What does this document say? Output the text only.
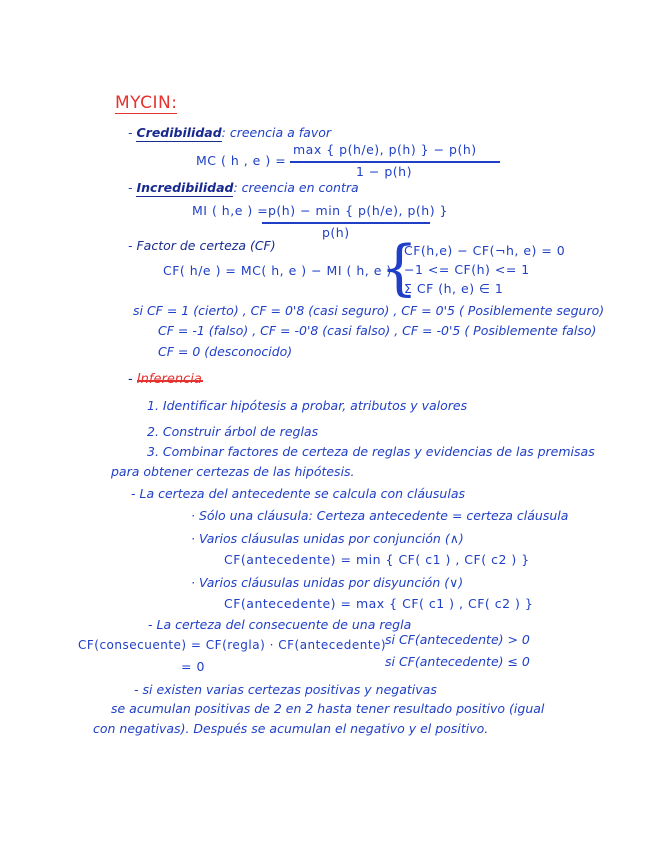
MYCIN:
- Credibilidad: creencia a favor
MC ( h , e ) =
max { p(h/e), p(h) } − p(h)
1 − p(h)
- Incredibilidad: creencia en contra
MI ( h,e ) = p(h) − min { p(h/e), p(h) }
p(h)
- Factor de certeza (CF)
CF( h/e ) = MC( h, e ) − MI ( h, e )
{
CF(h,e) − CF(¬h, e) = 0
−1 <= CF(h) <= 1
Σ CF (h, e) ∈ 1
si CF = 1 (cierto) , CF = 0'8 (casi seguro) , CF = 0'5 ( Posiblemente seguro)
CF = -1 (falso) , CF = -0'8 (casi falso) , CF = -0'5 ( Posiblemente falso)
CF = 0 (desconocido)
-
1. Identificar hipótesis a probar, atributos y valores
2. Construir árbol de reglas
3. Combinar factores de certeza de reglas y evidencias de las premisas
para obtener certezas de las hipótesis.
- La certeza del antecedente se calcula con cláusulas
· Sólo una cláusula: Certeza antecedente = certeza cláusula
· Varios cláusulas unidas por conjunción (∧)
CF(antecedente) = min { CF( c1 ) , CF( c2 ) }
· Varios cláusulas unidas por disyunción (∨)
CF(antecedente) = max { CF( c1 ) , CF( c2 ) }
- La certeza del consecuente de una regla
CF(consecuente) = CF(regla) · CF(antecedente)
si CF(antecedente) > 0
= 0	si CF(antecedente) ≤ 0
- si existen varias certezas positivas y negativas
se acumulan positivas de 2 en 2 hasta tener resultado positivo (igual
con negativas). Después se acumulan el negativo y el positivo.
